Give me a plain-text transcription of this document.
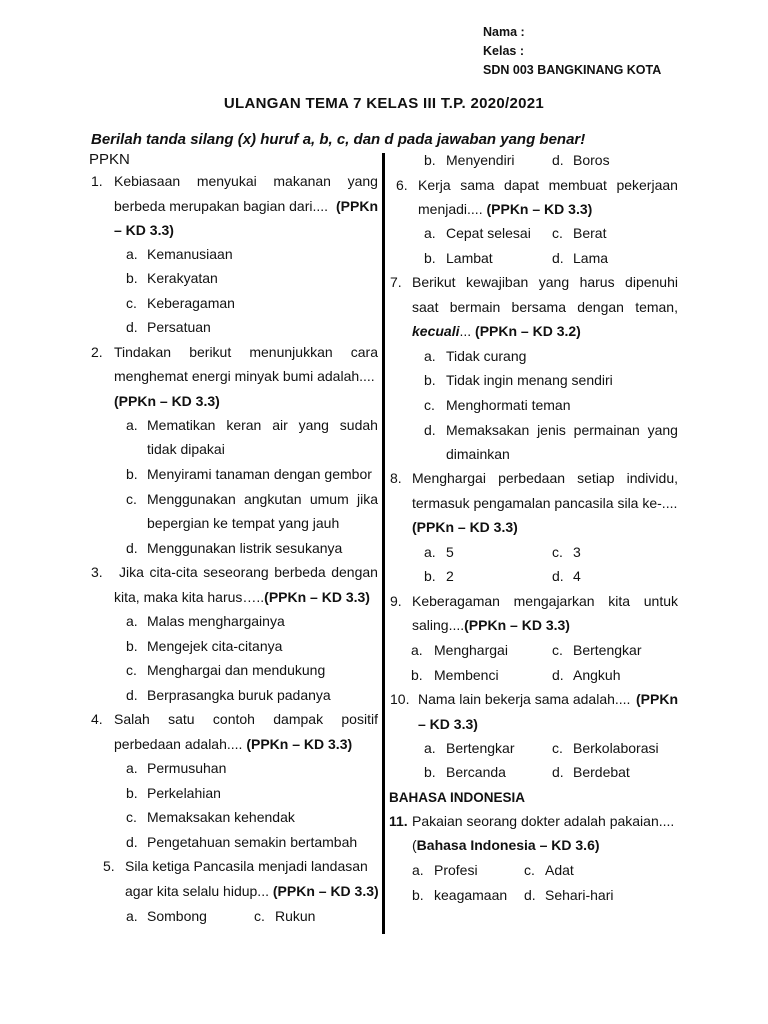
Nama :
Kelas :
SDN 003 BANGKINANG KOTA
ULANGAN TEMA 7 KELAS III T.P. 2020/2021
Berilah tanda silang (x) huruf a, b, c, dan d pada jawaban yang benar!
PPKN
1. Kebiasaan menyukai makanan yang
berbeda merupakan bagian dari.... (PPKn
– KD 3.3)
a. Kemanusiaan
b. Kerakyatan
c. Keberagaman
d. Persatuan
2. Tindakan berikut menunjukkan cara
menghemat energi minyak bumi adalah....
(PPKn – KD 3.3)
a. Mematikan keran air yang sudah
tidak dipakai
b. Menyirami tanaman dengan gembor
c. Menggunakan angkutan umum jika
bepergian ke tempat yang jauh
d. Menggunakan listrik sesukanya
3. Jika cita-cita seseorang berbeda dengan
kita, maka kita harus…..(PPKn – KD 3.3)
a. Malas menghargainya
b. Mengejek cita-citanya
c. Menghargai dan mendukung
d. Berprasangka buruk padanya
4. Salah satu contoh dampak positif
perbedaan adalah.... (PPKn – KD 3.3)
a. Permusuhan
b. Perkelahian
c. Memaksakan kehendak
d. Pengetahuan semakin bertambah
5. Sila ketiga Pancasila menjadi landasan
agar kita selalu hidup... (PPKn – KD 3.3)
a. Sombong	c. Rukun
b. Menyendiri	d. Boros
6. Kerja sama dapat membuat pekerjaan
menjadi.... (PPKn – KD 3.3)
a. Cepat selesai c. Berat
b. Lambat	d. Lama
7. Berikut kewajiban yang harus dipenuhi
saat bermain bersama dengan teman,
kecuali... (PPKn – KD 3.2)
a. Tidak curang
b. Tidak ingin menang sendiri
c. Menghormati teman
d. Memaksakan jenis permainan yang
dimainkan
8. Menghargai perbedaan setiap individu,
termasuk pengamalan pancasila sila ke-....
(PPKn – KD 3.3)
a. 5	c. 3
b. 2	d. 4
9. Keberagaman mengajarkan kita untuk
saling....(PPKn – KD 3.3)
a. Menghargai	c. Bertengkar
b. Membenci	d. Angkuh
10. Nama lain bekerja sama adalah.... (PPKn
– KD 3.3)
a. Bertengkar	c. Berkolaborasi
b. Bercanda	d. Berdebat
BAHASA INDONESIA
11. Pakaian seorang dokter adalah pakaian....
(Bahasa Indonesia – KD 3.6)
a. Profesi	c. Adat
b. keagamaan d. Sehari-hari
